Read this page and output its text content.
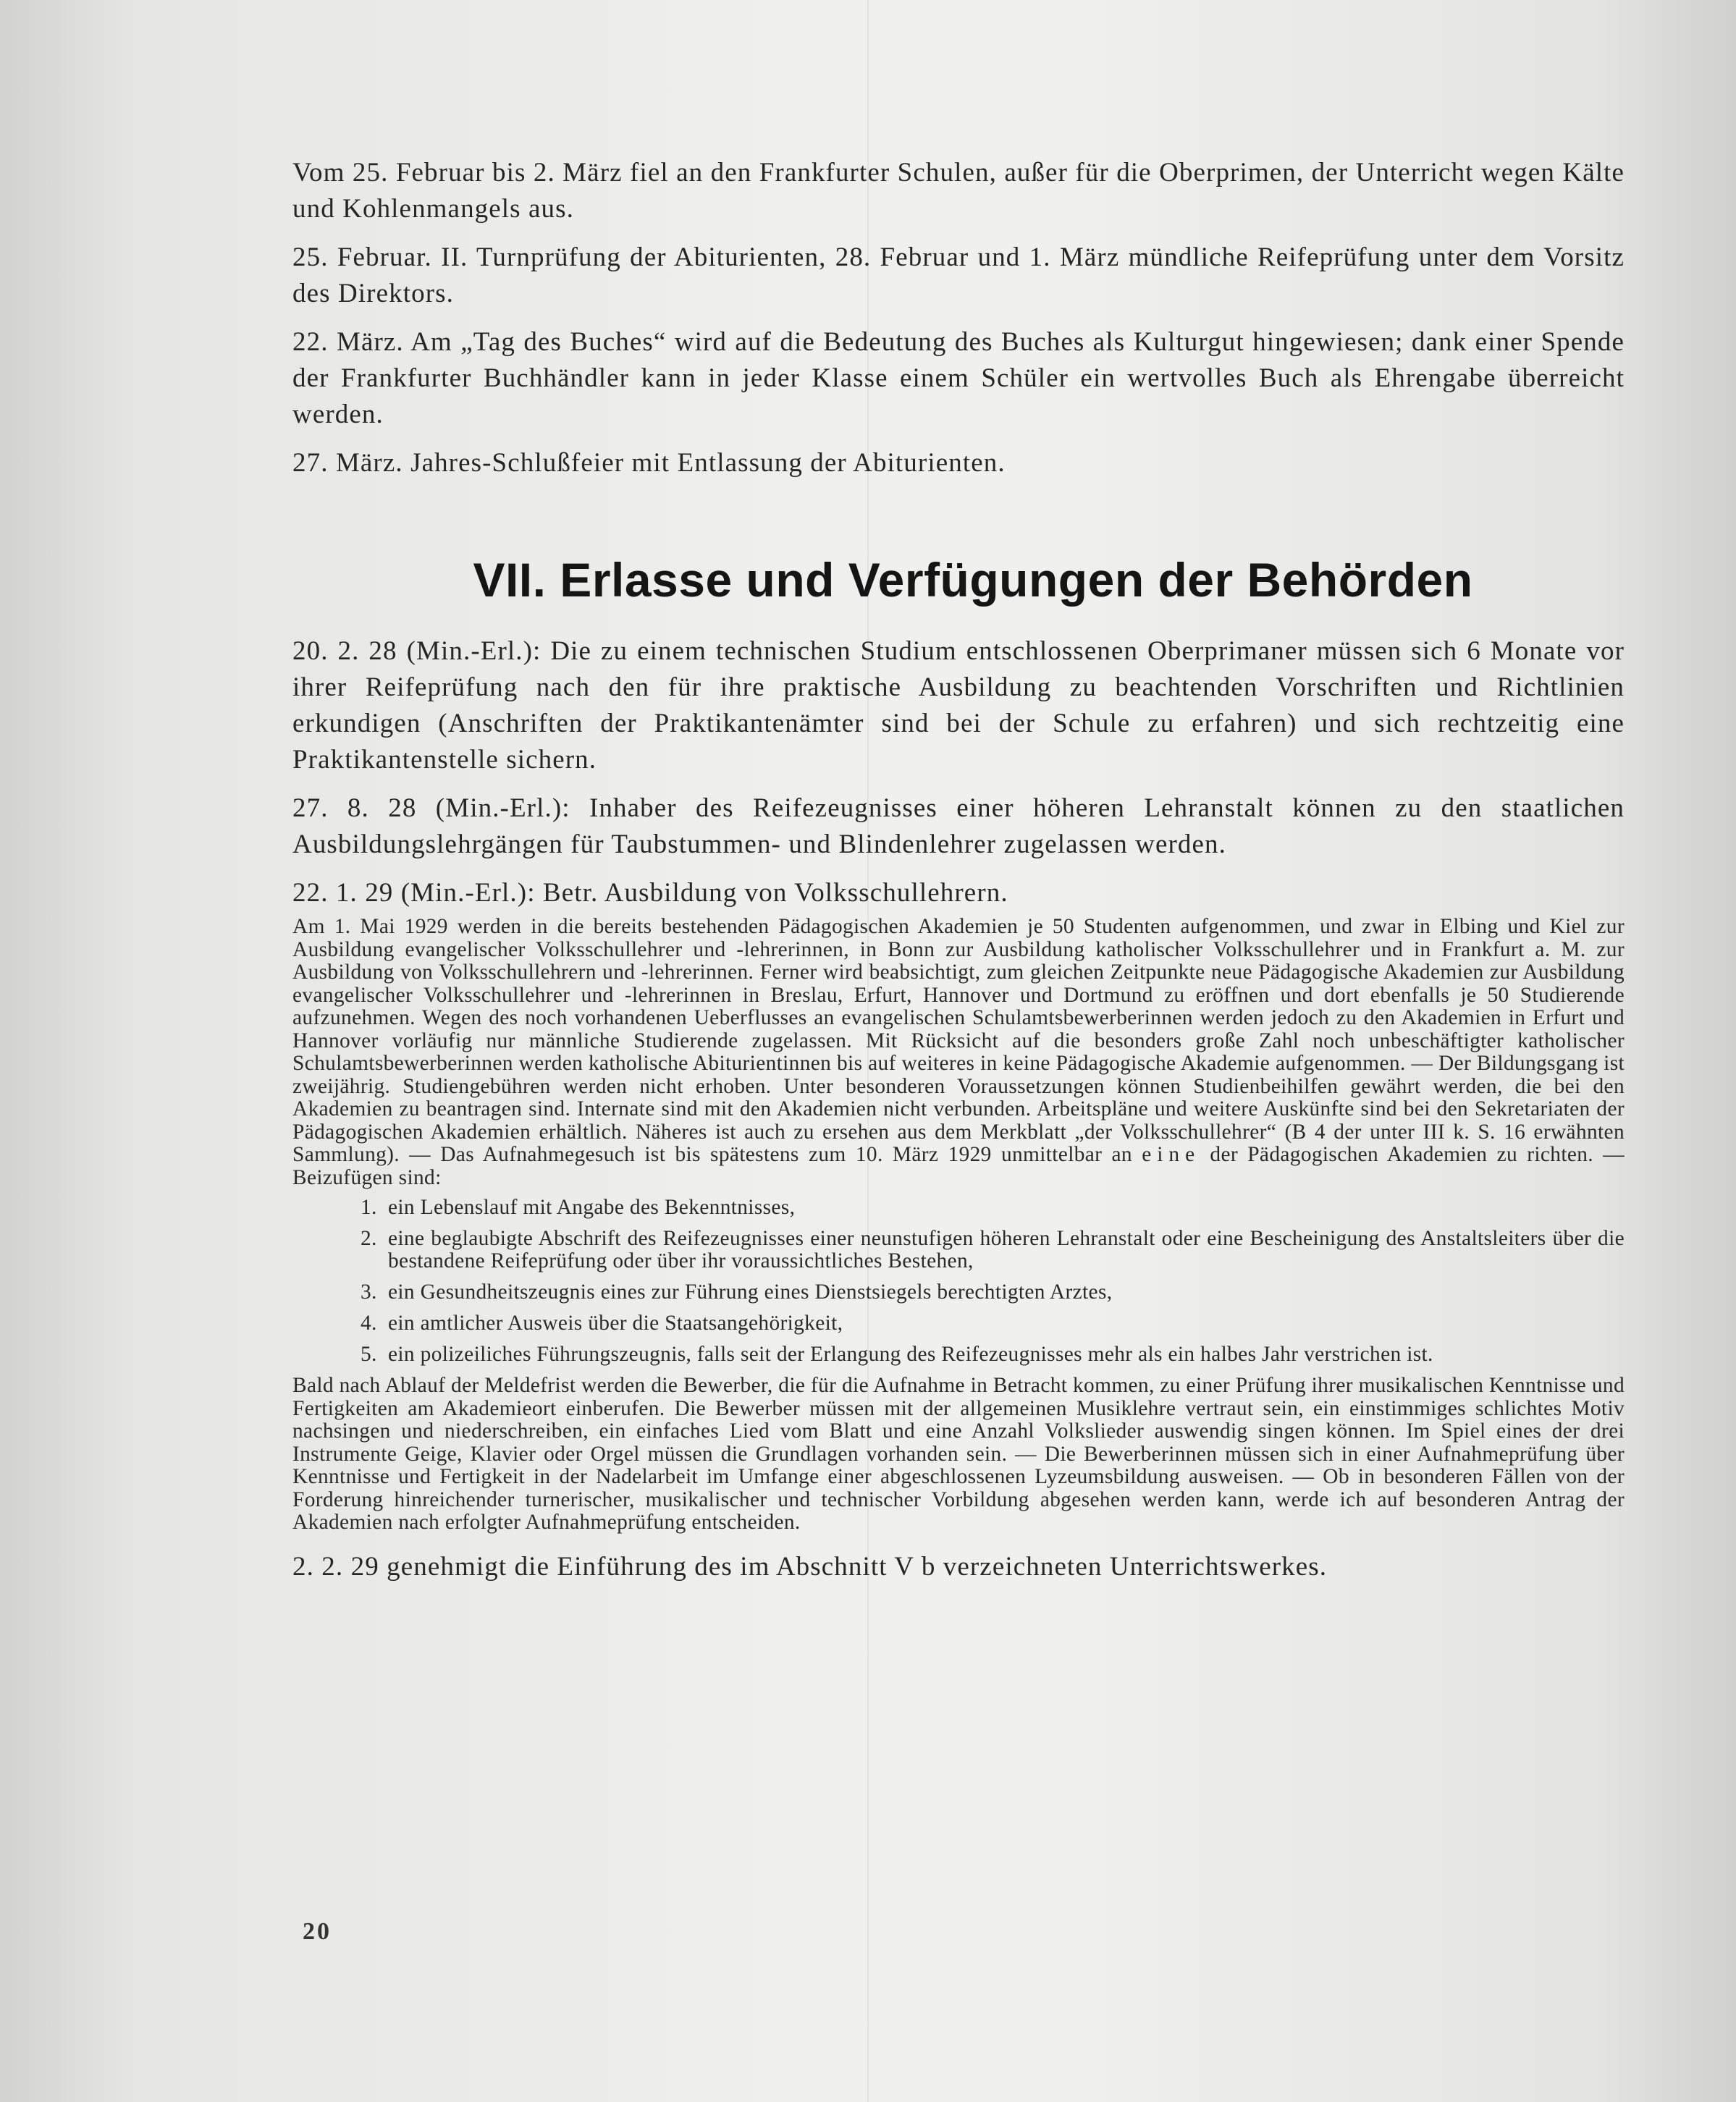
Vom 25. Februar bis 2. März fiel an den Frankfurter Schulen, außer für die Oberprimen, der Unterricht wegen Kälte und Kohlenmangels aus.

25. Februar. II. Turnprüfung der Abiturienten, 28. Februar und 1. März mündliche Reifeprüfung unter dem Vorsitz des Direktors.

22. März. Am „Tag des Buches“ wird auf die Bedeutung des Buches als Kulturgut hingewiesen; dank einer Spende der Frankfurter Buchhändler kann in jeder Klasse einem Schüler ein wertvolles Buch als Ehrengabe überreicht werden.

27. März. Jahres-Schlußfeier mit Entlassung der Abiturienten.

VII. Erlasse und Verfügungen der Behörden

20. 2. 28 (Min.-Erl.): Die zu einem technischen Studium entschlossenen Oberprimaner müssen sich 6 Monate vor ihrer Reifeprüfung nach den für ihre praktische Ausbildung zu beachtenden Vorschriften und Richtlinien erkundigen (Anschriften der Praktikantenämter sind bei der Schule zu erfahren) und sich rechtzeitig eine Praktikantenstelle sichern.

27. 8. 28 (Min.-Erl.): Inhaber des Reifezeugnisses einer höheren Lehranstalt können zu den staatlichen Ausbildungslehrgängen für Taubstummen- und Blindenlehrer zugelassen werden.

22. 1. 29 (Min.-Erl.): Betr. Ausbildung von Volksschullehrern.

Am 1. Mai 1929 werden in die bereits bestehenden Pädagogischen Akademien je 50 Studenten aufgenommen, und zwar in Elbing und Kiel zur Ausbildung evangelischer Volksschullehrer und -lehrerinnen, in Bonn zur Ausbildung katholischer Volksschullehrer und in Frankfurt a. M. zur Ausbildung von Volksschullehrern und -lehrerinnen. Ferner wird beabsichtigt, zum gleichen Zeitpunkte neue Pädagogische Akademien zur Ausbildung evangelischer Volksschullehrer und -lehrerinnen in Breslau, Erfurt, Hannover und Dortmund zu eröffnen und dort ebenfalls je 50 Studierende aufzunehmen. Wegen des noch vorhandenen Ueberflusses an evangelischen Schulamtsbewerberinnen werden jedoch zu den Akademien in Erfurt und Hannover vorläufig nur männliche Studierende zugelassen. Mit Rücksicht auf die besonders große Zahl noch unbeschäftigter katholischer Schulamtsbewerberinnen werden katholische Abiturientinnen bis auf weiteres in keine Pädagogische Akademie aufgenommen. — Der Bildungsgang ist zweijährig. Studiengebühren werden nicht erhoben. Unter besonderen Voraussetzungen können Studienbeihilfen gewährt werden, die bei den Akademien zu beantragen sind. Internate sind mit den Akademien nicht verbunden. Arbeitspläne und weitere Auskünfte sind bei den Sekretariaten der Pädagogischen Akademien erhältlich. Näheres ist auch zu ersehen aus dem Merkblatt „der Volksschullehrer“ (B 4 der unter III k. S. 16 erwähnten Sammlung). — Das Aufnahmegesuch ist bis spätestens zum 10. März 1929 unmittelbar an eine der Pädagogischen Akademien zu richten. — Beizufügen sind:

1. ein Lebenslauf mit Angabe des Bekenntnisses,
2. eine beglaubigte Abschrift des Reifezeugnisses einer neunstufigen höheren Lehranstalt oder eine Bescheinigung des Anstaltsleiters über die bestandene Reifeprüfung oder über ihr voraussichtliches Bestehen,
3. ein Gesundheitszeugnis eines zur Führung eines Dienstsiegels berechtigten Arztes,
4. ein amtlicher Ausweis über die Staatsangehörigkeit,
5. ein polizeiliches Führungszeugnis, falls seit der Erlangung des Reifezeugnisses mehr als ein halbes Jahr verstrichen ist.

Bald nach Ablauf der Meldefrist werden die Bewerber, die für die Aufnahme in Betracht kommen, zu einer Prüfung ihrer musikalischen Kenntnisse und Fertigkeiten am Akademieort einberufen. Die Bewerber müssen mit der allgemeinen Musiklehre vertraut sein, ein einstimmiges schlichtes Motiv nachsingen und niederschreiben, ein einfaches Lied vom Blatt und eine Anzahl Volkslieder auswendig singen können. Im Spiel eines der drei Instrumente Geige, Klavier oder Orgel müssen die Grundlagen vorhanden sein. — Die Bewerberinnen müssen sich in einer Aufnahmeprüfung über Kenntnisse und Fertigkeit in der Nadelarbeit im Umfange einer abgeschlossenen Lyzeumsbildung ausweisen. — Ob in besonderen Fällen von der Forderung hinreichender turnerischer, musikalischer und technischer Vorbildung abgesehen werden kann, werde ich auf besonderen Antrag der Akademien nach erfolgter Aufnahmeprüfung entscheiden.

2. 2. 29 genehmigt die Einführung des im Abschnitt V b verzeichneten Unterrichtswerkes.

20
